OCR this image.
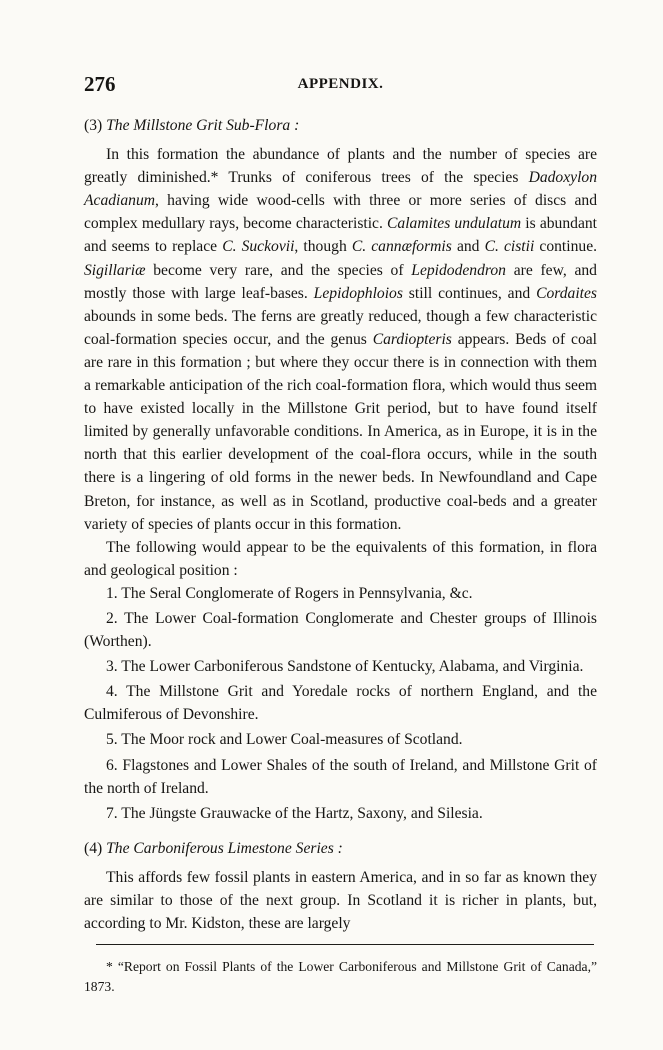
276	APPENDIX.
(3) The Millstone Grit Sub-Flora :

In this formation the abundance of plants and the number of species are greatly diminished.* Trunks of coniferous trees of the species Dadoxylon Acadianum, having wide wood-cells with three or more series of discs and complex medullary rays, become characteristic. Calamites undulatum is abundant and seems to replace C. Suckovii, though C. cannæformis and C. cistii continue. Sigillariæ become very rare, and the species of Lepidodendron are few, and mostly those with large leaf-bases. Lepidophloios still continues, and Cordaites abounds in some beds. The ferns are greatly reduced, though a few characteristic coal-formation species occur, and the genus Cardiopteris appears. Beds of coal are rare in this formation ; but where they occur there is in connection with them a remarkable anticipation of the rich coal-formation flora, which would thus seem to have existed locally in the Millstone Grit period, but to have found itself limited by generally unfavorable conditions. In America, as in Europe, it is in the north that this earlier development of the coal-flora occurs, while in the south there is a lingering of old forms in the newer beds. In Newfoundland and Cape Breton, for instance, as well as in Scotland, productive coal-beds and a greater variety of species of plants occur in this formation.

The following would appear to be the equivalents of this formation, in flora and geological position :

1. The Seral Conglomerate of Rogers in Pennsylvania, &c.
2. The Lower Coal-formation Conglomerate and Chester groups of Illinois (Worthen).
3. The Lower Carboniferous Sandstone of Kentucky, Alabama, and Virginia.
4. The Millstone Grit and Yoredale rocks of northern England, and the Culmiferous of Devonshire.
5. The Moor rock and Lower Coal-measures of Scotland.
6. Flagstones and Lower Shales of the south of Ireland, and Millstone Grit of the north of Ireland.
7. The Jüngste Grauwacke of the Hartz, Saxony, and Silesia.
(4) The Carboniferous Limestone Series :

This affords few fossil plants in eastern America, and in so far as known they are similar to those of the next group. In Scotland it is richer in plants, but, according to Mr. Kidston, these are largely

* “Report on Fossil Plants of the Lower Carboniferous and Millstone Grit of Canada,” 1873.
